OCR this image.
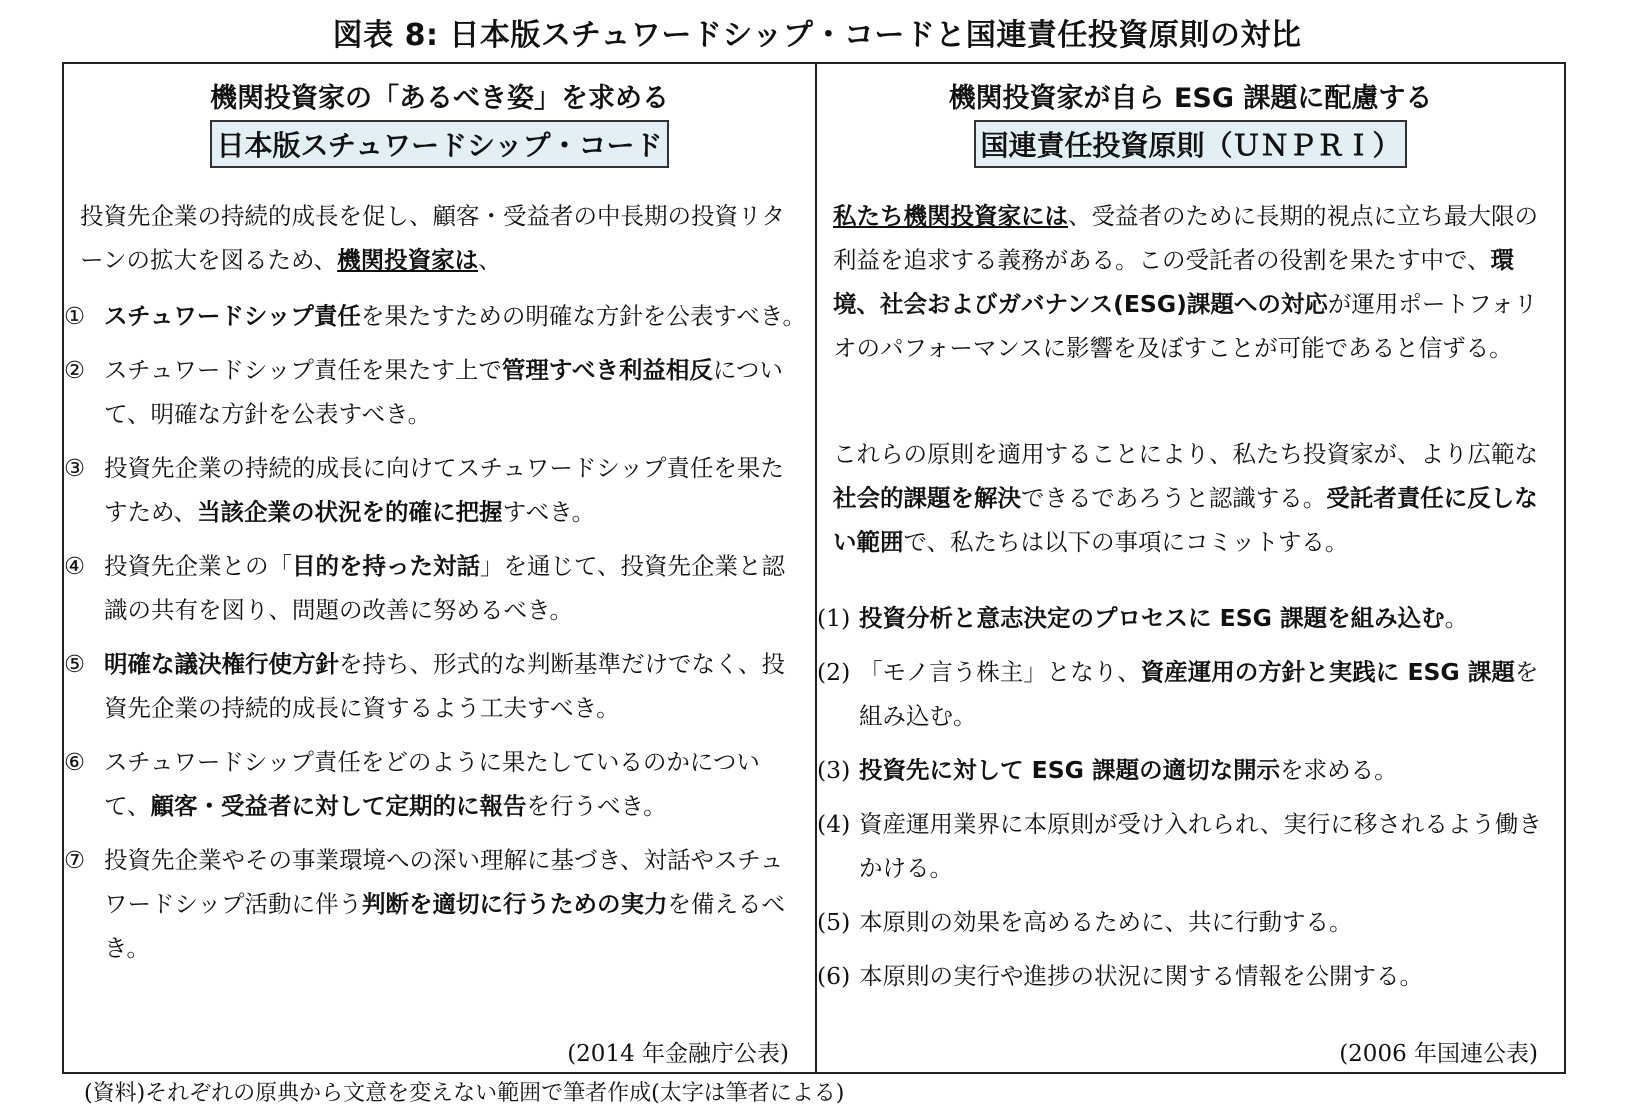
図表 8: 日本版スチュワードシップ・コードと国連責任投資原則の対比
機関投資家の「あるべき姿」を求める
日本版スチュワードシップ・コード
投資先企業の持続的成長を促し、顧客・受益者の中長期の投資リターンの拡大を図るため、機関投資家は、
① スチュワードシップ責任を果たすための明確な方針を公表すべき。
② スチュワードシップ責任を果たす上で管理すべき利益相反について、明確な方針を公表すべき。
③ 投資先企業の持続的成長に向けてスチュワードシップ責任を果たすため、当該企業の状況を的確に把握すべき。
④ 投資先企業との「目的を持った対話」を通じて、投資先企業と認識の共有を図り、問題の改善に努めるべき。
⑤ 明確な議決権行使方針を持ち、形式的な判断基準だけでなく、投資先企業の持続的成長に資するよう工夫すべき。
⑥ スチュワードシップ責任をどのように果たしているのかについて、顧客・受益者に対して定期的に報告を行うべき。
⑦ 投資先企業やその事業環境への深い理解に基づき、対話やスチュワードシップ活動に伴う判断を適切に行うための実力を備えるべき。
(2014 年金融庁公表)
機関投資家が自ら ESG 課題に配慮する
国連責任投資原則（ＵＮＰＲＩ）
私たち機関投資家には、受益者のために長期的視点に立ち最大限の利益を追求する義務がある。この受託者の役割を果たす中で、環境、社会およびガバナンス(ESG)課題への対応が運用ポートフォリオのパフォーマンスに影響を及ぼすことが可能であると信ずる。
これらの原則を適用することにより、私たち投資家が、より広範な社会的課題を解決できるであろうと認識する。受託者責任に反しない範囲で、私たちは以下の事項にコミットする。
(1) 投資分析と意志決定のプロセスに ESG 課題を組み込む。
(2) 「モノ言う株主」となり、資産運用の方針と実践に ESG 課題を組み込む。
(3) 投資先に対して ESG 課題の適切な開示を求める。
(4) 資産運用業界に本原則が受け入れられ、実行に移されるよう働きかける。
(5) 本原則の効果を高めるために、共に行動する。
(6) 本原則の実行や進捗の状況に関する情報を公開する。
(2006 年国連公表)
(資料)それぞれの原典から文意を変えない範囲で筆者作成(太字は筆者による)
